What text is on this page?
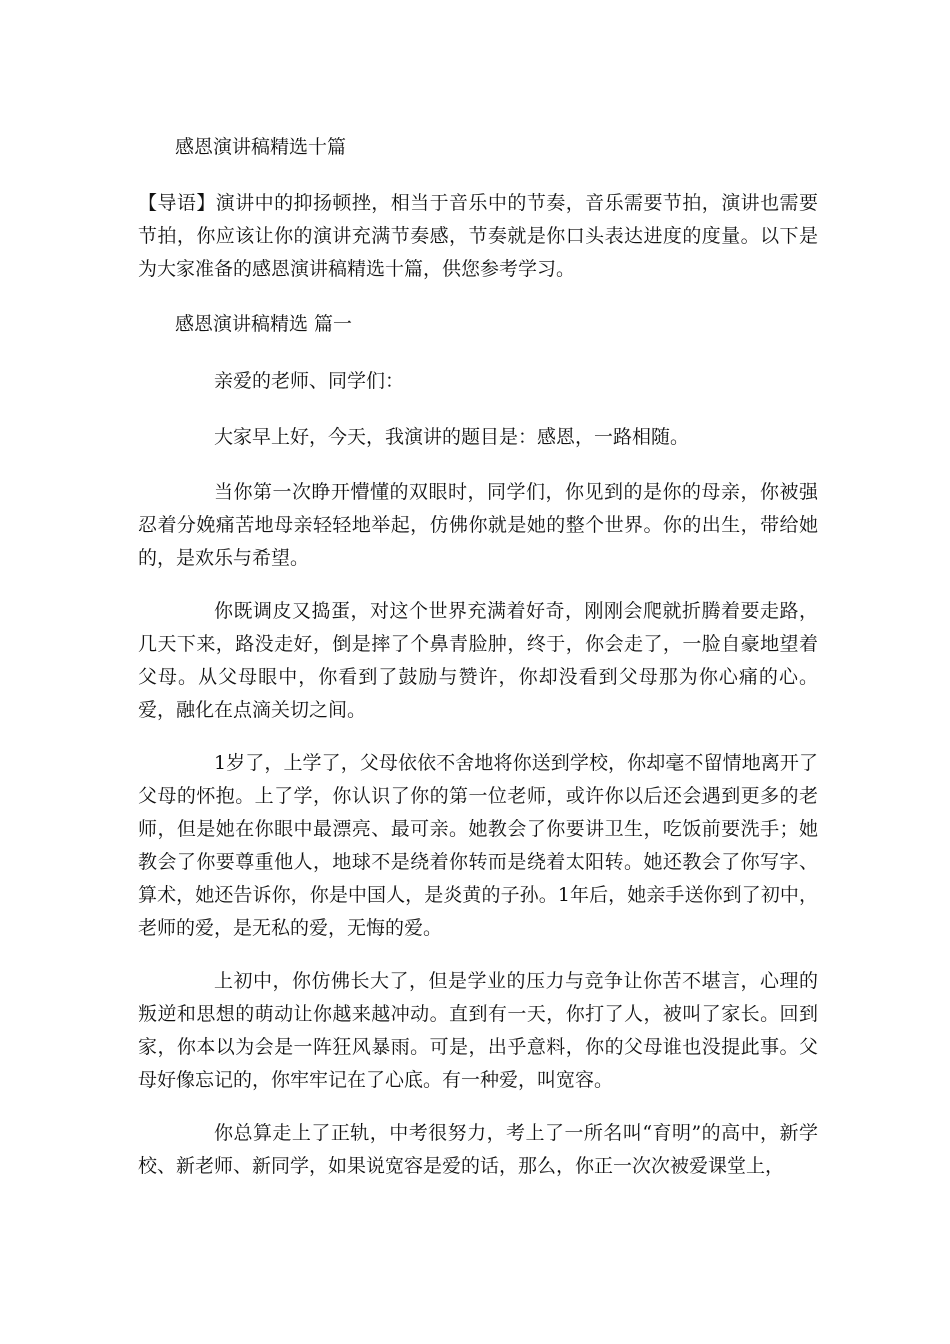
感恩演讲稿精选十篇

【导语】演讲中的抑扬顿挫，相当于音乐中的节奏，音乐需要节拍，演讲也需要节拍，你应该让你的演讲充满节奏感，节奏就是你口头表达进度的度量。以下是为大家准备的感恩演讲稿精选十篇，供您参考学习。

感恩演讲稿精选 篇一

亲爱的老师、同学们：

大家早上好，今天，我演讲的题目是：感恩，一路相随。

当你第一次睁开懵懂的双眼时，同学们，你见到的是你的母亲，你被强忍着分娩痛苦地母亲轻轻地举起，仿佛你就是她的整个世界。你的出生，带给她的，是欢乐与希望。

你既调皮又捣蛋，对这个世界充满着好奇，刚刚会爬就折腾着要走路，几天下来，路没走好，倒是摔了个鼻青脸肿，终于，你会走了，一脸自豪地望着父母。从父母眼中，你看到了鼓励与赞许，你却没看到父母那为你心痛的心。爱，融化在点滴关切之间。

1岁了，上学了，父母依依不舍地将你送到学校，你却毫不留情地离开了父母的怀抱。上了学，你认识了你的第一位老师，或许你以后还会遇到更多的老师，但是她在你眼中最漂亮、最可亲。她教会了你要讲卫生，吃饭前要洗手；她教会了你要尊重他人，地球不是绕着你转而是绕着太阳转。她还教会了你写字、算术，她还告诉你，你是中国人，是炎黄的子孙。1年后，她亲手送你到了初中，老师的爱，是无私的爱，无悔的爱。

上初中，你仿佛长大了，但是学业的压力与竞争让你苦不堪言，心理的叛逆和思想的萌动让你越来越冲动。直到有一天，你打了人，被叫了家长。回到家，你本以为会是一阵狂风暴雨。可是，出乎意料，你的父母谁也没提此事。父母好像忘记的，你牢牢记在了心底。有一种爱，叫宽容。

你总算走上了正轨，中考很努力，考上了一所名叫“育明”的高中，新学校、新老师、新同学，如果说宽容是爱的话，那么，你正一次次被爱课堂上，
